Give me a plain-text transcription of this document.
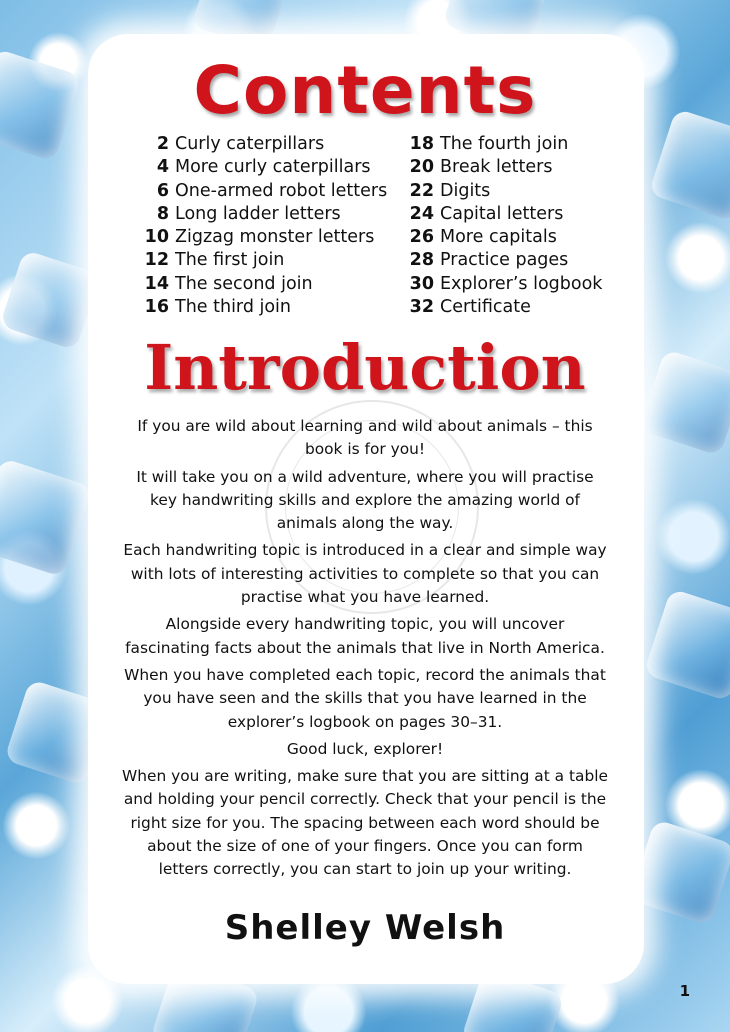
Contents
2 Curly caterpillars
4 More curly caterpillars
6 One-armed robot letters
8 Long ladder letters
10 Zigzag monster letters
12 The first join
14 The second join
16 The third join
18 The fourth join
20 Break letters
22 Digits
24 Capital letters
26 More capitals
28 Practice pages
30 Explorer’s logbook
32 Certificate
Introduction

If you are wild about learning and wild about animals – this book is for you!

It will take you on a wild adventure, where you will practise key handwriting skills and explore the amazing world of animals along the way.

Each handwriting topic is introduced in a clear and simple way with lots of interesting activities to complete so that you can practise what you have learned.

Alongside every handwriting topic, you will uncover fascinating facts about the animals that live in North America.

When you have completed each topic, record the animals that you have seen and the skills that you have learned in the explorer’s logbook on pages 30–31.

Good luck, explorer!

When you are writing, make sure that you are sitting at a table and holding your pencil correctly. Check that your pencil is the right size for you. The spacing between each word should be about the size of one of your fingers. Once you can form letters correctly, you can start to join up your writing.

Shelley Welsh
1
